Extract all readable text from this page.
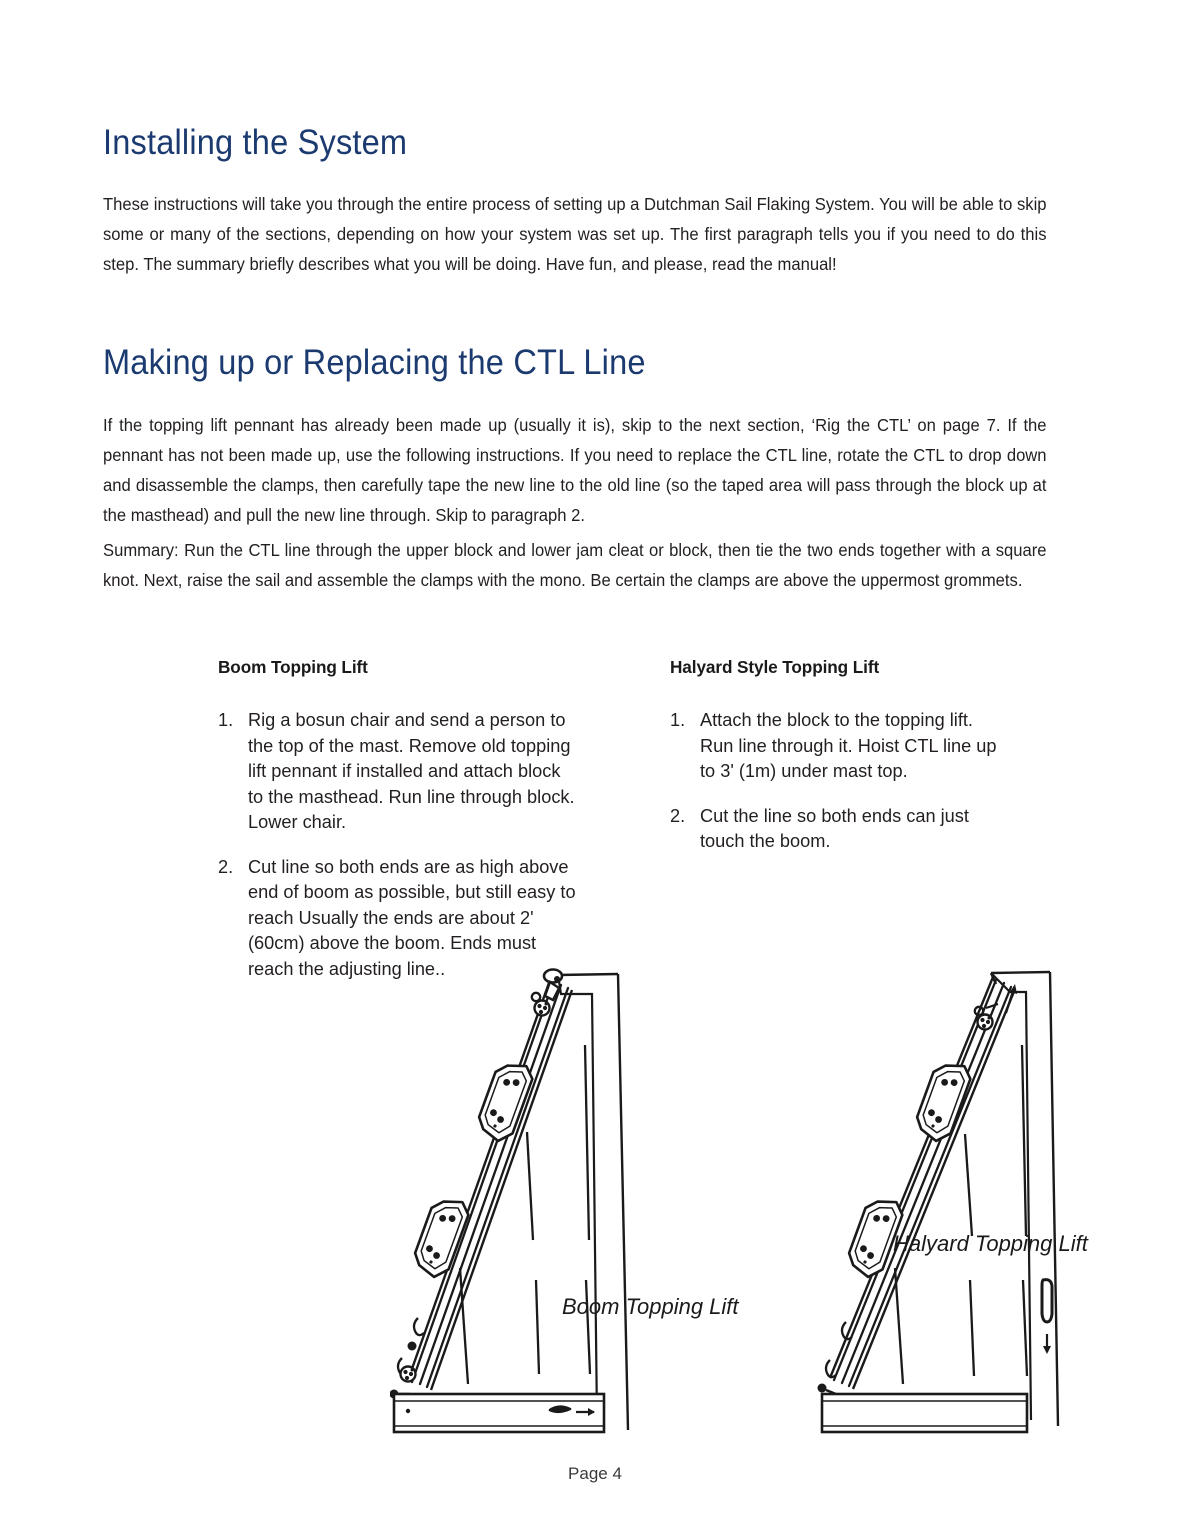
Installing the System

These instructions will take you through the entire process of setting up a Dutchman Sail Flaking System. You will be able to skip some or many of the sections, depending on how your system was set up. The first paragraph tells you if you need to do this step. The summary briefly describes what you will be doing. Have fun, and please, read the manual!

Making up or Replacing the CTL Line

If the topping lift pennant has already been made up (usually it is), skip to the next section, ‘Rig the CTL’ on page 7. If the pennant has not been made up, use the following instructions. If you need to replace the CTL line, rotate the CTL to drop down and disassemble the clamps, then carefully tape the new line to the old line (so the taped area will pass through the block up at the masthead) and pull the new line through. Skip to paragraph 2.

Summary: Run the CTL line through the upper block and lower jam cleat or block, then tie the two ends together with a square knot. Next, raise the sail and assemble the clamps with the mono. Be certain the clamps are above the uppermost grommets.

Boom Topping Lift
1. Rig a bosun chair and send a person to the top of the mast. Remove old topping lift pennant if installed and attach block to the masthead. Run line through block. Lower chair.
2. Cut line so both ends are as high above end of boom as possible, but still easy to reach Usually the ends are about 2' (60cm) above the boom. Ends must reach the adjusting line..
Halyard Style Topping Lift
1. Attach the block to the topping lift. Run line through it. Hoist CTL line up to 3' (1m) under mast top.
2. Cut the line so both ends can just touch the boom.
Boom Topping Lift
Halyard Topping Lift
Page 4
